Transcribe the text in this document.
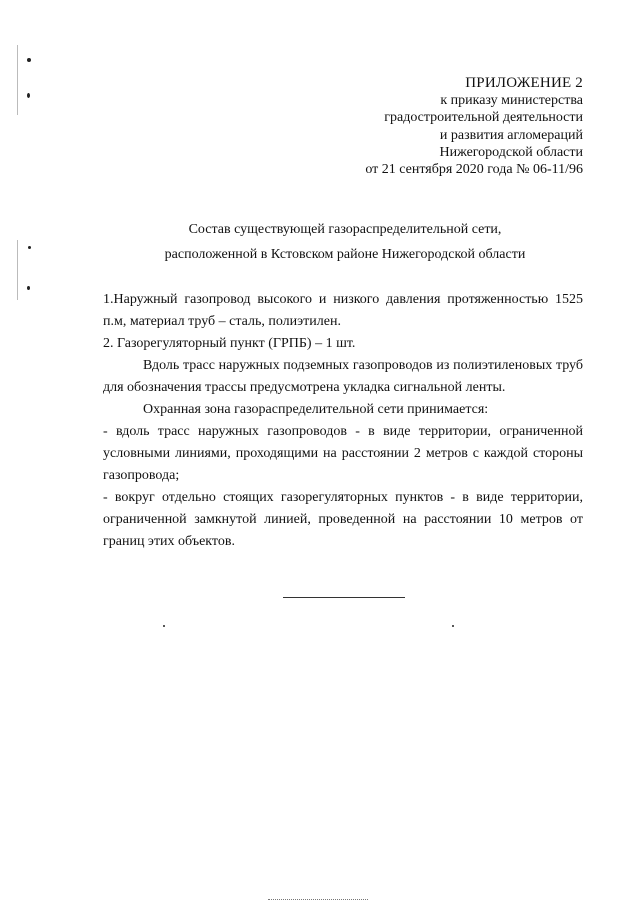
ПРИЛОЖЕНИЕ 2
к приказу министерства
градостроительной деятельности
и развития агломераций
Нижегородской области
от 21 сентября 2020 года № 06-11/96
Состав существующей газораспределительной сети,
расположенной в Кстовском районе Нижегородской области

1.Наружный газопровод высокого и низкого давления протяженностью 1525

п.м, материал труб – сталь, полиэтилен.

2. Газорегуляторный пункт (ГРПБ) – 1 шт.

Вдоль трасс наружных подземных газопроводов из полиэтиленовых труб для обозначения трассы предусмотрена укладка сигнальной ленты.

Охранная зона газораспределительной сети принимается:

- вдоль трасс наружных газопроводов - в виде территории, ограниченной условными линиями, проходящими на расстоянии 2 метров с каждой стороны газопровода;

- вокруг отдельно стоящих газорегуляторных пунктов - в виде территории, ограниченной замкнутой линией, проведенной на расстоянии 10 метров от границ этих объектов.
